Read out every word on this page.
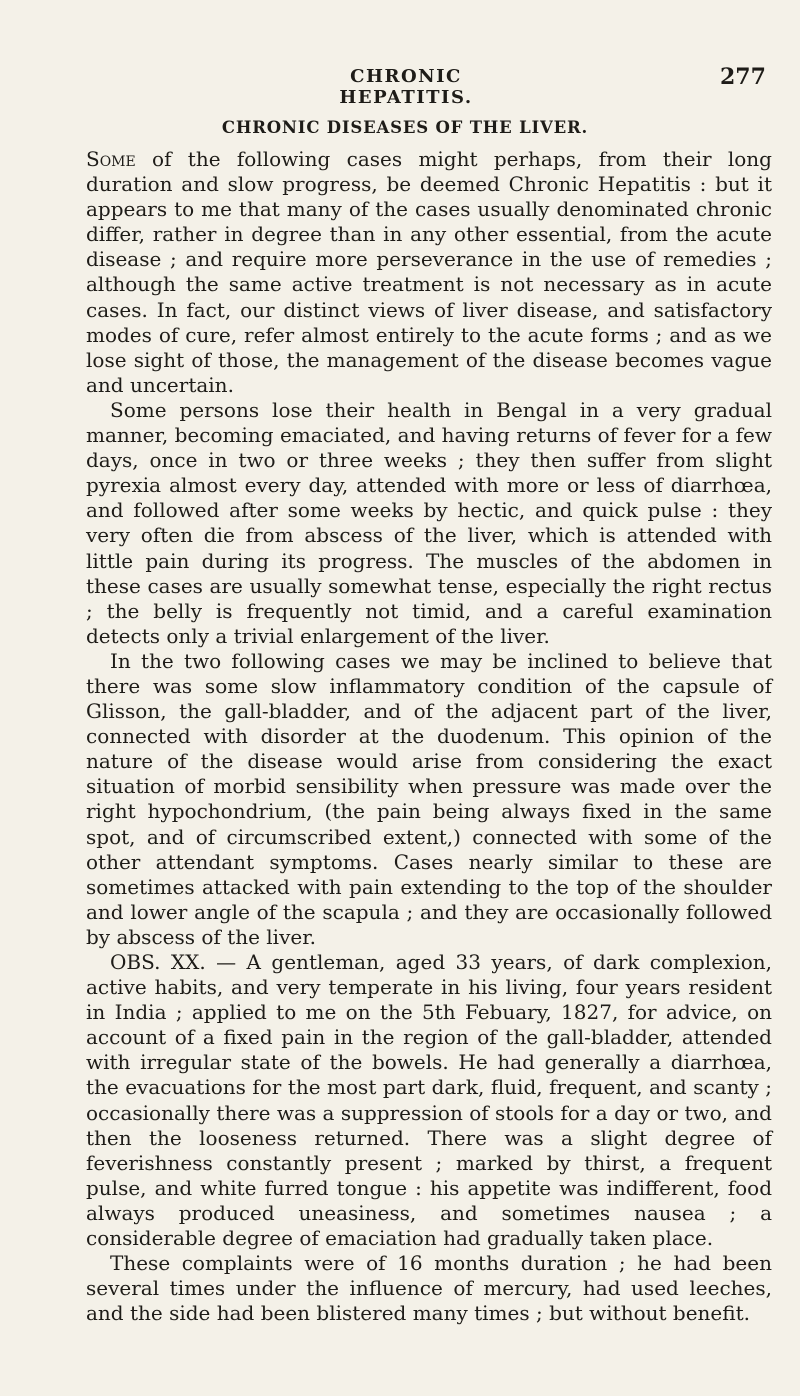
CHRONIC HEPATITIS.
277
CHRONIC DISEASES OF THE LIVER.

Some of the following cases might perhaps, from their long duration and slow progress, be deemed Chronic Hepatitis : but it appears to me that many of the cases usually denominated chronic differ, rather in degree than in any other essential, from the acute disease ; and require more perseverance in the use of remedies ; although the same active treatment is not necessary as in acute cases. In fact, our distinct views of liver disease, and satisfactory modes of cure, refer almost entirely to the acute forms ; and as we lose sight of those, the management of the disease becomes vague and uncertain.

Some persons lose their health in Bengal in a very gradual manner, becoming emaciated, and having returns of fever for a few days, once in two or three weeks ; they then suffer from slight pyrexia almost every day, attended with more or less of diarrhœa, and followed after some weeks by hectic, and quick pulse : they very often die from abscess of the liver, which is attended with little pain during its progress. The muscles of the abdomen in these cases are usually somewhat tense, especially the right rectus ; the belly is frequently not timid, and a careful examination detects only a trivial enlargement of the liver.

In the two following cases we may be inclined to believe that there was some slow inflammatory condition of the capsule of Glisson, the gall-bladder, and of the adjacent part of the liver, connected with disorder at the duodenum. This opinion of the nature of the disease would arise from considering the exact situation of morbid sensibility when pressure was made over the right hypochondrium, (the pain being always fixed in the same spot, and of circumscribed extent,) connected with some of the other attendant symptoms. Cases nearly similar to these are sometimes attacked with pain extending to the top of the shoulder and lower angle of the scapula ; and they are occasionally followed by abscess of the liver.

OBS. XX. — A gentleman, aged 33 years, of dark complexion, active habits, and very temperate in his living, four years resident in India ; applied to me on the 5th Febuary, 1827, for advice, on account of a fixed pain in the region of the gall-bladder, attended with irregular state of the bowels. He had generally a diarrhœa, the evacuations for the most part dark, fluid, frequent, and scanty ; occasionally there was a suppression of stools for a day or two, and then the looseness returned. There was a slight degree of feverishness constantly present ; marked by thirst, a frequent pulse, and white furred tongue : his appetite was indifferent, food always produced uneasiness, and sometimes nausea ; a considerable degree of emaciation had gradually taken place.

These complaints were of 16 months duration ; he had been several times under the influence of mercury, had used leeches, and the side had been blistered many times ; but without benefit.
